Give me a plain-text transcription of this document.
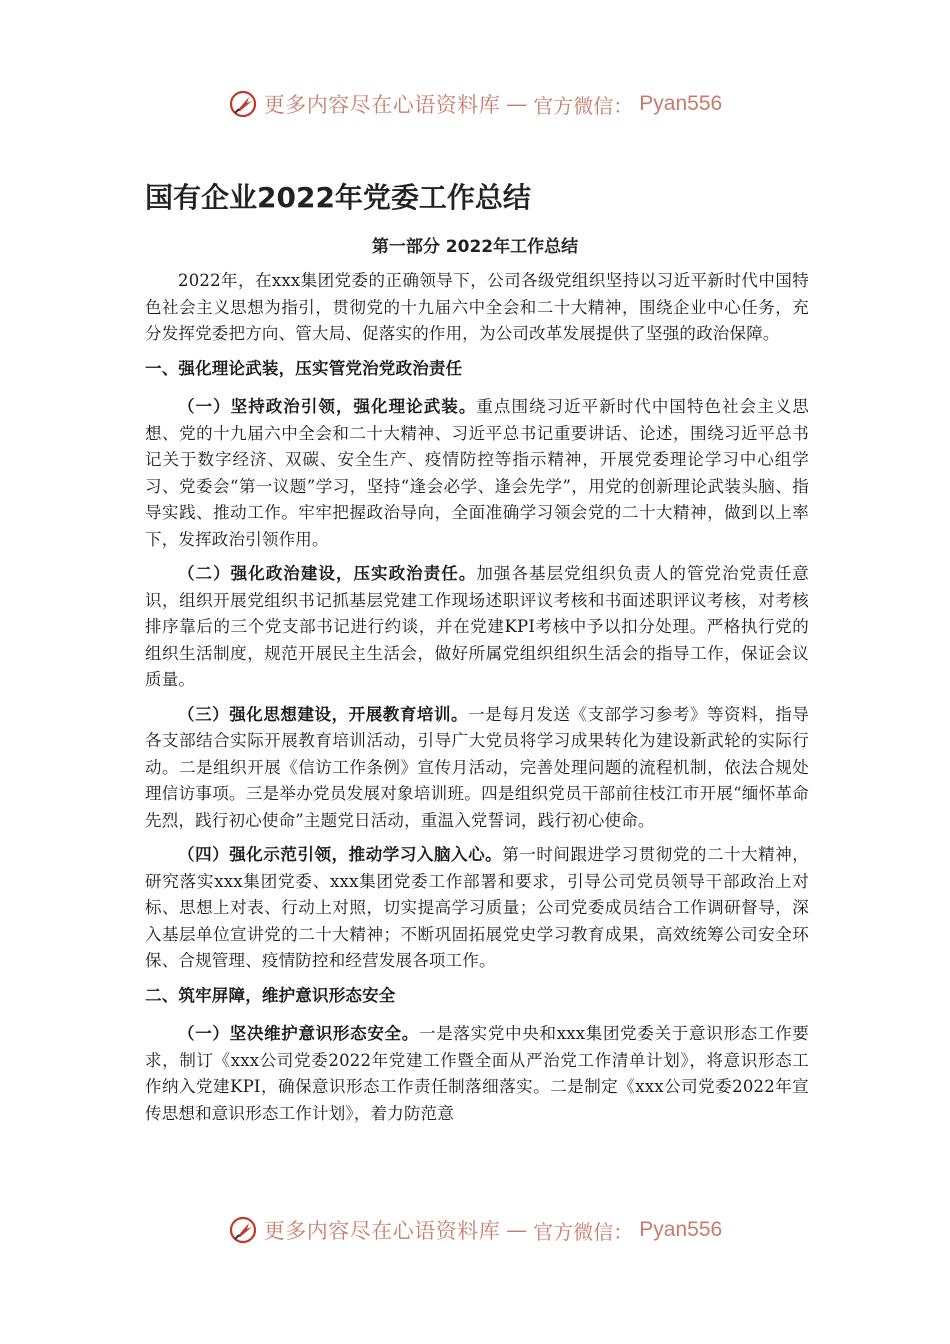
更多内容尽在心语资料库 — 官方微信： Pyan556
国有企业2022年党委工作总结
第一部分 2022年工作总结

2022年，在xxx集团党委的正确领导下，公司各级党组织坚持以习近平新时代中国特色社会主义思想为指引，贯彻党的十九届六中全会和二十大精神，围绕企业中心任务，充分发挥党委把方向、管大局、促落实的作用，为公司改革发展提供了坚强的政治保障。

一、强化理论武装，压实管党治党政治责任

（一）坚持政治引领，强化理论武装。重点围绕习近平新时代中国特色社会主义思想、党的十九届六中全会和二十大精神、习近平总书记重要讲话、论述，围绕习近平总书记关于数字经济、双碳、安全生产、疫情防控等指示精神，开展党委理论学习中心组学习、党委会“第一议题”学习，坚持“逢会必学、逢会先学”，用党的创新理论武装头脑、指导实践、推动工作。牢牢把握政治导向，全面准确学习领会党的二十大精神，做到以上率下，发挥政治引领作用。

（二）强化政治建设，压实政治责任。加强各基层党组织负责人的管党治党责任意识，组织开展党组织书记抓基层党建工作现场述职评议考核和书面述职评议考核，对考核排序靠后的三个党支部书记进行约谈，并在党建KPI考核中予以扣分处理。严格执行党的组织生活制度，规范开展民主生活会，做好所属党组织组织生活会的指导工作，保证会议质量。

（三）强化思想建设，开展教育培训。一是每月发送《支部学习参考》等资料，指导各支部结合实际开展教育培训活动，引导广大党员将学习成果转化为建设新武轮的实际行动。二是组织开展《信访工作条例》宣传月活动，完善处理问题的流程机制，依法合规处理信访事项。三是举办党员发展对象培训班。四是组织党员干部前往枝江市开展“缅怀革命先烈，践行初心使命”主题党日活动，重温入党誓词，践行初心使命。

（四）强化示范引领，推动学习入脑入心。第一时间跟进学习贯彻党的二十大精神，研究落实xxx集团党委、xxx集团党委工作部署和要求，引导公司党员领导干部政治上对标、思想上对表、行动上对照，切实提高学习质量；公司党委成员结合工作调研督导，深入基层单位宣讲党的二十大精神；不断巩固拓展党史学习教育成果，高效统筹公司安全环保、合规管理、疫情防控和经营发展各项工作。

二、筑牢屏障，维护意识形态安全

（一）坚决维护意识形态安全。一是落实党中央和xxx集团党委关于意识形态工作要求，制订《xxx公司党委2022年党建工作暨全面从严治党工作清单计划》，将意识形态工作纳入党建KPI，确保意识形态工作责任制落细落实。二是制定《xxx公司党委2022年宣传思想和意识形态工作计划》，着力防范意

更多内容尽在心语资料库 — 官方微信： Pyan556
